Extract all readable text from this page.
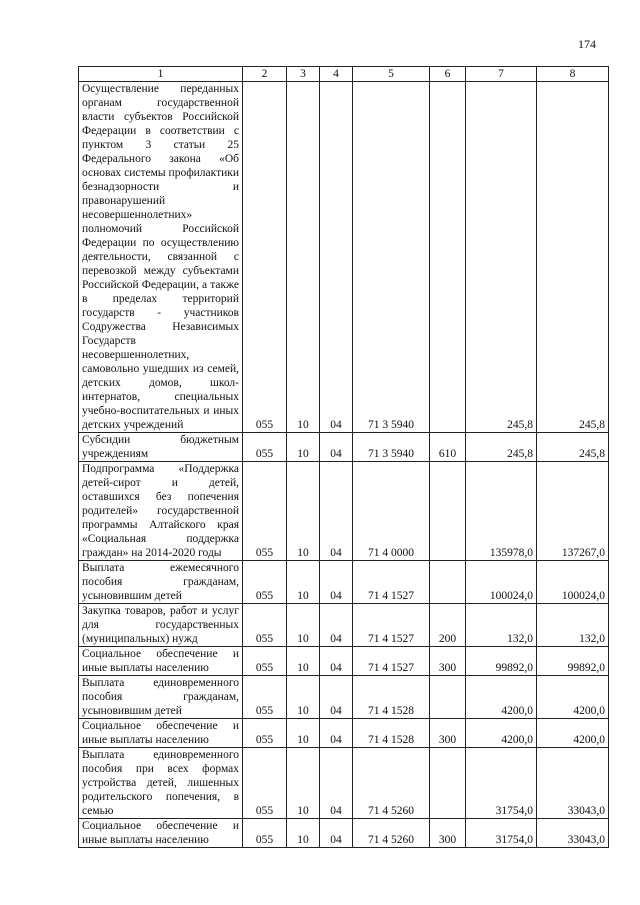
174
1	2	3	4	5	6	7	8
Осуществление переданных органам государственной власти субъектов Российской Федерации в соответствии с пунктом 3 статьи 25 Федерального закона «Об основах системы профилактики безнадзорности и правонарушений несовершеннолетних» полномочий Российской Федерации по осуществлению деятельности, связанной с перевозкой между субъектами Российской Федерации, а также в пределах территорий государств - участников Содружества Независимых Государств несовершеннолетних, самовольно ушедших из семей, детских домов, школ-интернатов, специальных учебно-воспитательных и иных детских учреждений	055	10	04	71 3 5940		245,8	245,8
Субсидии бюджетным учреждениям	055	10	04	71 3 5940	610	245,8	245,8
Подпрограмма «Поддержка детей-сирот и детей, оставшихся без попечения родителей» государственной программы Алтайского края «Социальная поддержка граждан» на 2014-2020 годы	055	10	04	71 4 0000		135978,0	137267,0
Выплата ежемесячного пособия гражданам, усыновившим детей	055	10	04	71 4 1527		100024,0	100024,0
Закупка товаров, работ и услуг для государственных (муниципальных) нужд	055	10	04	71 4 1527	200	132,0	132,0
Социальное обеспечение и иные выплаты населению	055	10	04	71 4 1527	300	99892,0	99892,0
Выплата единовременного пособия гражданам, усыновившим детей	055	10	04	71 4 1528		4200,0	4200,0
Социальное обеспечение и иные выплаты населению	055	10	04	71 4 1528	300	4200,0	4200,0
Выплата единовременного пособия при всех формах устройства детей, лишенных родительского попечения, в семью	055	10	04	71 4 5260		31754,0	33043,0
Социальное обеспечение и иные выплаты населению	055	10	04	71 4 5260	300	31754,0	33043,0
